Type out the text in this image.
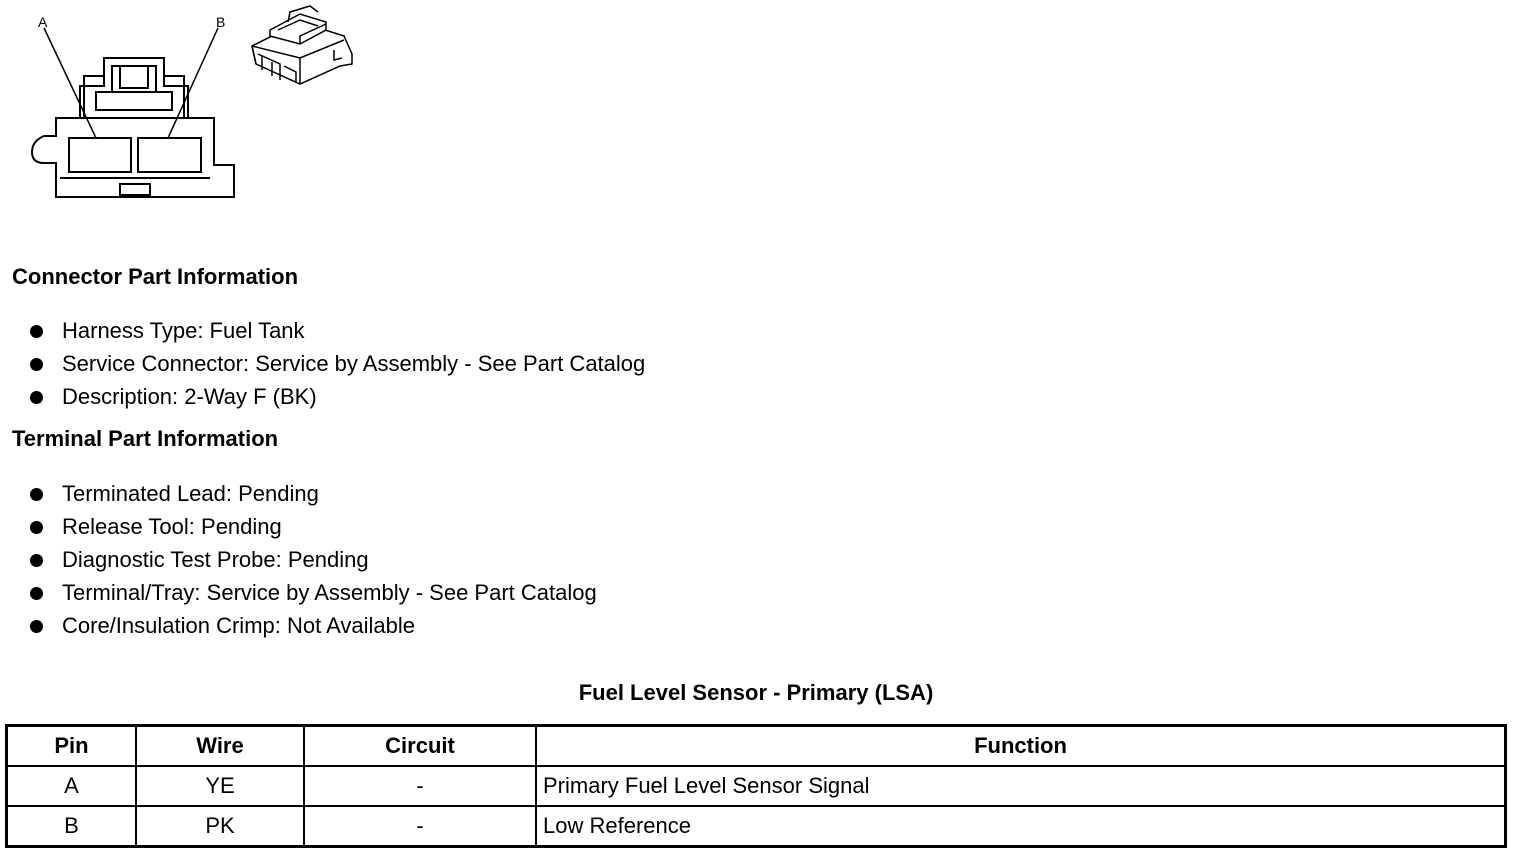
A	B
Connector Part Information
Harness Type: Fuel Tank
Service Connector: Service by Assembly - See Part Catalog
Description: 2-Way F (BK)
Terminal Part Information
Terminated Lead: Pending
Release Tool: Pending
Diagnostic Test Probe: Pending
Terminal/Tray: Service by Assembly - See Part Catalog
Core/Insulation Crimp: Not Available
Fuel Level Sensor - Primary (LSA)
Pin	Wire	Circuit	Function
A	YE	-	Primary Fuel Level Sensor Signal
B	PK	-	Low Reference
